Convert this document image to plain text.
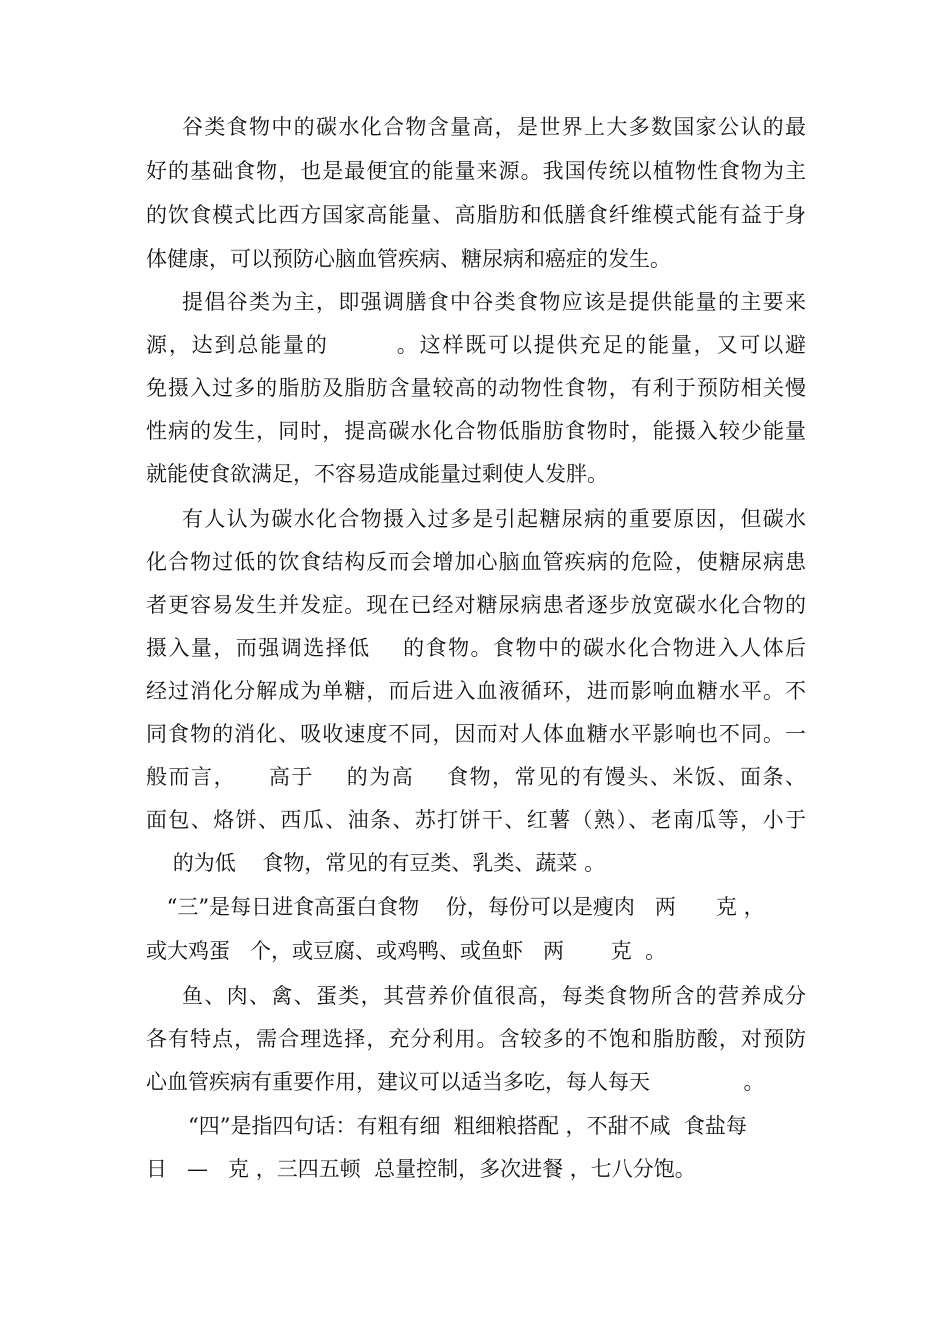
谷类食物中的碳水化合物含量高，是世界上大多数国家公认的最
好的基础食物，也是最便宜的能量来源。我国传统以植物性食物为主
的饮食模式比西方国家高能量、高脂肪和低膳食纤维模式能有益于身
体健康，可以预防心脑血管疾病、糖尿病和癌症的发生。
提倡谷类为主，即强调膳食中谷类食物应该是提供能量的主要来
源，达到总能量的        。这样既可以提供充足的能量，又可以避
免摄入过多的脂肪及脂肪含量较高的动物性食物，有利于预防相关慢
性病的发生，同时，提高碳水化合物低脂肪食物时，能摄入较少能量
就能使食欲满足，不容易造成能量过剩使人发胖。
有人认为碳水化合物摄入过多是引起糖尿病的重要原因，但碳水
化合物过低的饮食结构反而会增加心脑血管疾病的危险，使糖尿病患
者更容易发生并发症。现在已经对糖尿病患者逐步放宽碳水化合物的
摄入量，而强调选择低    的食物。食物中的碳水化合物进入人体后
经过消化分解成为单糖，而后进入血液循环，进而影响血糖水平。不
同食物的消化、吸收速度不同，因而对人体血糖水平影响也不同。一
般而言，    高于    的为高    食物，常见的有馒头、米饭、面条、
面包、烙饼、西瓜、油条、苏打饼干、红薯（熟）、老南瓜等，小于
的为低    食物，常见的有豆类、乳类、蔬菜 。
“三”是每日进食高蛋白食物    份，每份可以是瘦肉   两      克 ，
或大鸡蛋   个，或豆腐、或鸡鸭、或鱼虾   两       克  。
鱼、肉、禽、蛋类，其营养价值很高，每类食物所含的营养成分
各有特点，需合理选择，充分利用。含较多的不饱和脂肪酸，对预防
心血管疾病有重要作用，建议可以适当多吃，每人每天              。
“四”是指四句话：有粗有细  粗细粮搭配 ，不甜不咸  食盐每
日   —   克 ，三四五顿  总量控制，多次进餐 ，七八分饱。
